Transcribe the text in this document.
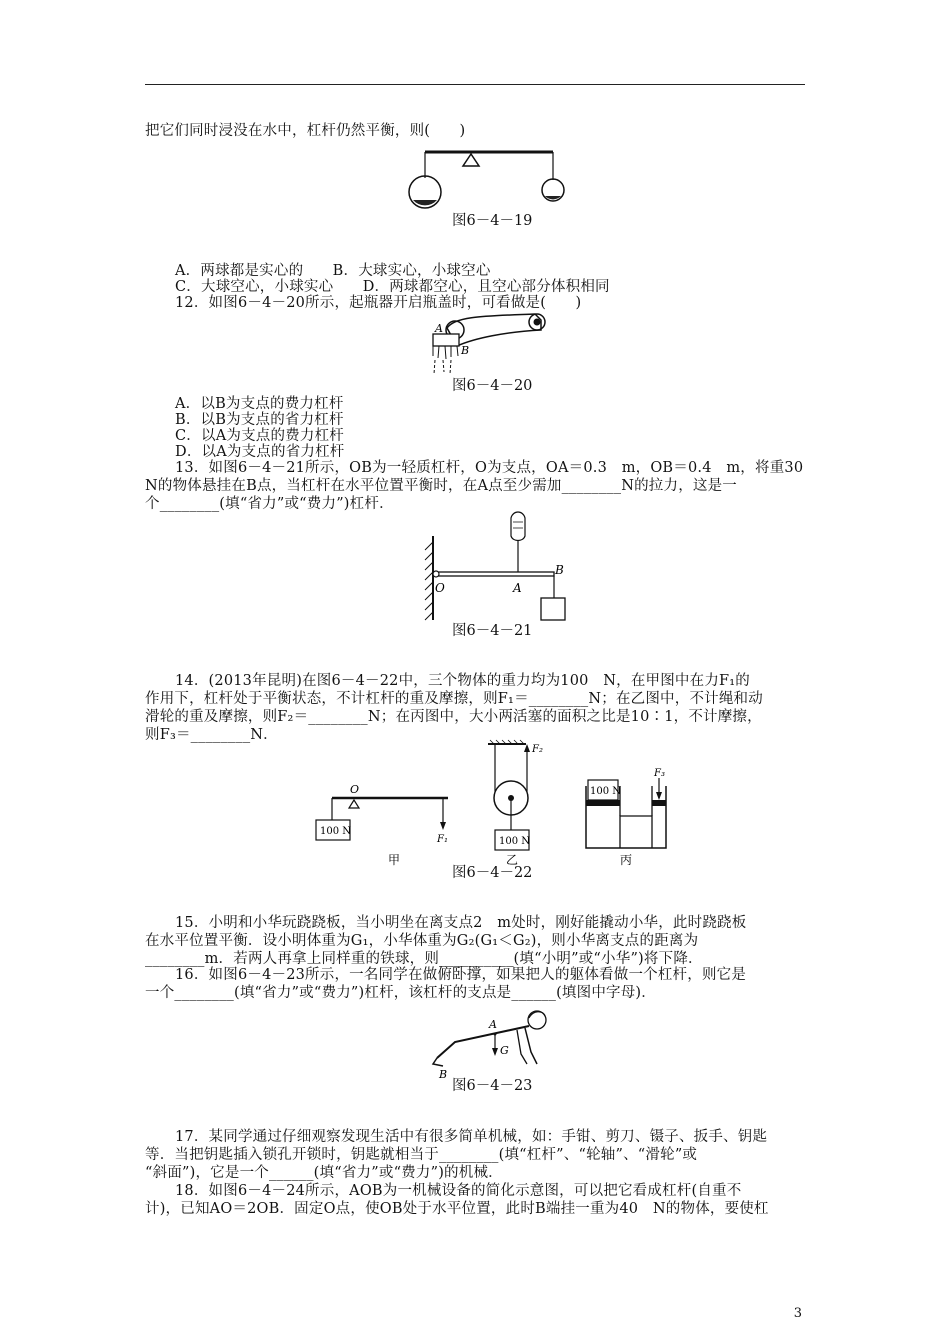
把它们同时浸没在水中，杠杆仍然平衡，则(　　)
图6－4－19
A．两球都是实心的　　B．大球实心，小球空心
C．大球空心，小球实心　　D．两球都空心，且空心部分体积相同
12．如图6－4－20所示，起瓶器开启瓶盖时，可看做是(　　)
A
B
图6－4－20
A．以B为支点的费力杠杆
B．以B为支点的省力杠杆
C．以A为支点的费力杠杆
D．以A为支点的省力杠杆
13．如图6－4－21所示，OB为一轻质杠杆，O为支点，OA＝0.3　m，OB＝0.4　m，将重30
N的物体悬挂在B点，当杠杆在水平位置平衡时，在A点至少需加________N的拉力，这是一
个________(填“省力”或“费力”)杠杆．
O	A
B
图6－4－21
14．(2013年昆明)在图6－4－22中，三个物体的重力均为100　N，在甲图中在力F₁的
作用下，杠杆处于平衡状态，不计杠杆的重及摩擦，则F₁＝________N；在乙图中，不计绳和动
滑轮的重及摩擦，则F₂＝________N；在丙图中，大小两活塞的面积之比是10∶1，不计摩擦，
则F₃＝________N．
100 N
O
F₁
甲
F₂
100 N
乙
100 N
F₃
丙
图6－4－22
15．小明和小华玩跷跷板，当小明坐在离支点2　m处时，刚好能撬动小华，此时跷跷板
在水平位置平衡．设小明体重为G₁，小华体重为G₂(G₁＜G₂)，则小华离支点的距离为
________m．若两人再拿上同样重的铁球，则__________(填“小明”或“小华”)将下降．
16．如图6－4－23所示，一名同学在做俯卧撑，如果把人的躯体看做一个杠杆，则它是
一个________(填“省力”或“费力”)杠杆，该杠杆的支点是______(填图中字母)．
A
G
B
图6－4－23
17．某同学通过仔细观察发现生活中有很多简单机械，如：手钳、剪刀、镊子、扳手、钥匙
等．当把钥匙插入锁孔开锁时，钥匙就相当于________(填“杠杆”、“轮轴”、“滑轮”或
“斜面”)，它是一个______(填“省力”或“费力”)的机械．
18．如图6－4－24所示，AOB为一机械设备的简化示意图，可以把它看成杠杆(自重不
计)，已知AO＝2OB．固定O点，使OB处于水平位置，此时B端挂一重为40　N的物体，要使杠
3
